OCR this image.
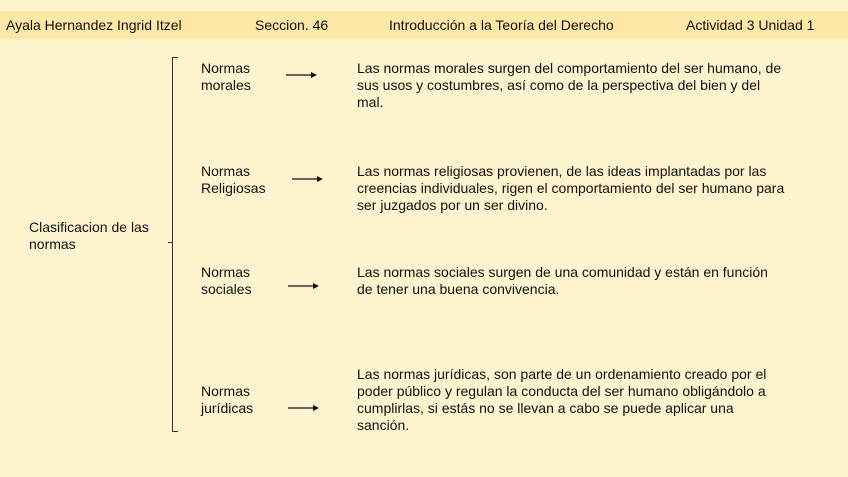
Ayala Hernandez Ingrid Itzel	Seccion. 46	Introducción a la Teoría del Derecho	Actividad 3 Unidad 1
Clasificacion de las normas
Normas morales
Las normas morales surgen del comportamiento del ser humano, de sus usos y costumbres, así como de la perspectiva del bien y del mal.
Normas Religiosas
Las normas religiosas provienen, de las ideas implantadas por las creencias individuales, rigen el comportamiento del ser humano para ser juzgados por un ser divino.
Normas sociales
Las normas sociales surgen de una comunidad y están en función de tener una buena convivencia.
Normas jurídicas
Las normas jurídicas, son parte de un ordenamiento creado por el poder público y regulan la conducta del ser humano obligándolo a cumplirlas, si estás no se llevan a cabo se puede aplicar una sanción.
